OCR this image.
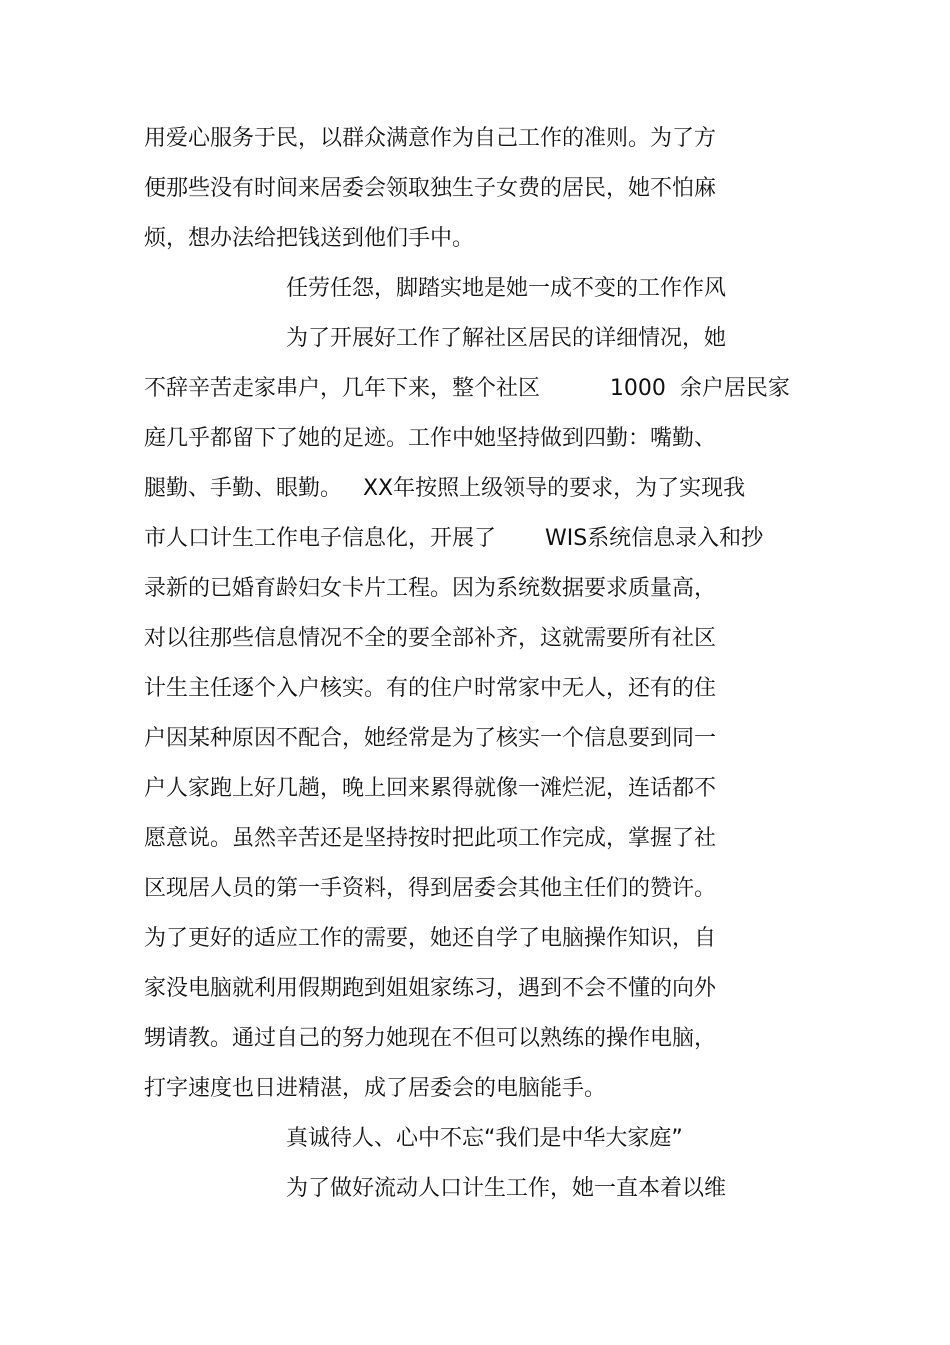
用爱心服务于民，以群众满意作为自己工作的准则。为了方
便那些没有时间来居委会领取独生子女费的居民，她不怕麻
烦，想办法给把钱送到他们手中。
任劳任怨，脚踏实地是她一成不变的工作作风
为了开展好工作了解社区居民的详细情况，她
不辞辛苦走家串户，几年下来，整个社区          1000  余户居民家
庭几乎都留下了她的足迹。工作中她坚持做到四勤：嘴勤、
腿勤、手勤、眼勤。   XX年按照上级领导的要求，为了实现我
市人口计生工作电子信息化，开展了       WIS系统信息录入和抄
录新的已婚育龄妇女卡片工程。因为系统数据要求质量高，
对以往那些信息情况不全的要全部补齐，这就需要所有社区
计生主任逐个入户核实。有的住户时常家中无人，还有的住
户因某种原因不配合，她经常是为了核实一个信息要到同一
户人家跑上好几趟，晚上回来累得就像一滩烂泥，连话都不
愿意说。虽然辛苦还是坚持按时把此项工作完成，掌握了社
区现居人员的第一手资料，得到居委会其他主任们的赞许。
为了更好的适应工作的需要，她还自学了电脑操作知识，自
家没电脑就利用假期跑到姐姐家练习，遇到不会不懂的向外
甥请教。通过自己的努力她现在不但可以熟练的操作电脑，
打字速度也日进精湛，成了居委会的电脑能手。
真诚待人、心中不忘“我们是中华大家庭”
为了做好流动人口计生工作，她一直本着以维
